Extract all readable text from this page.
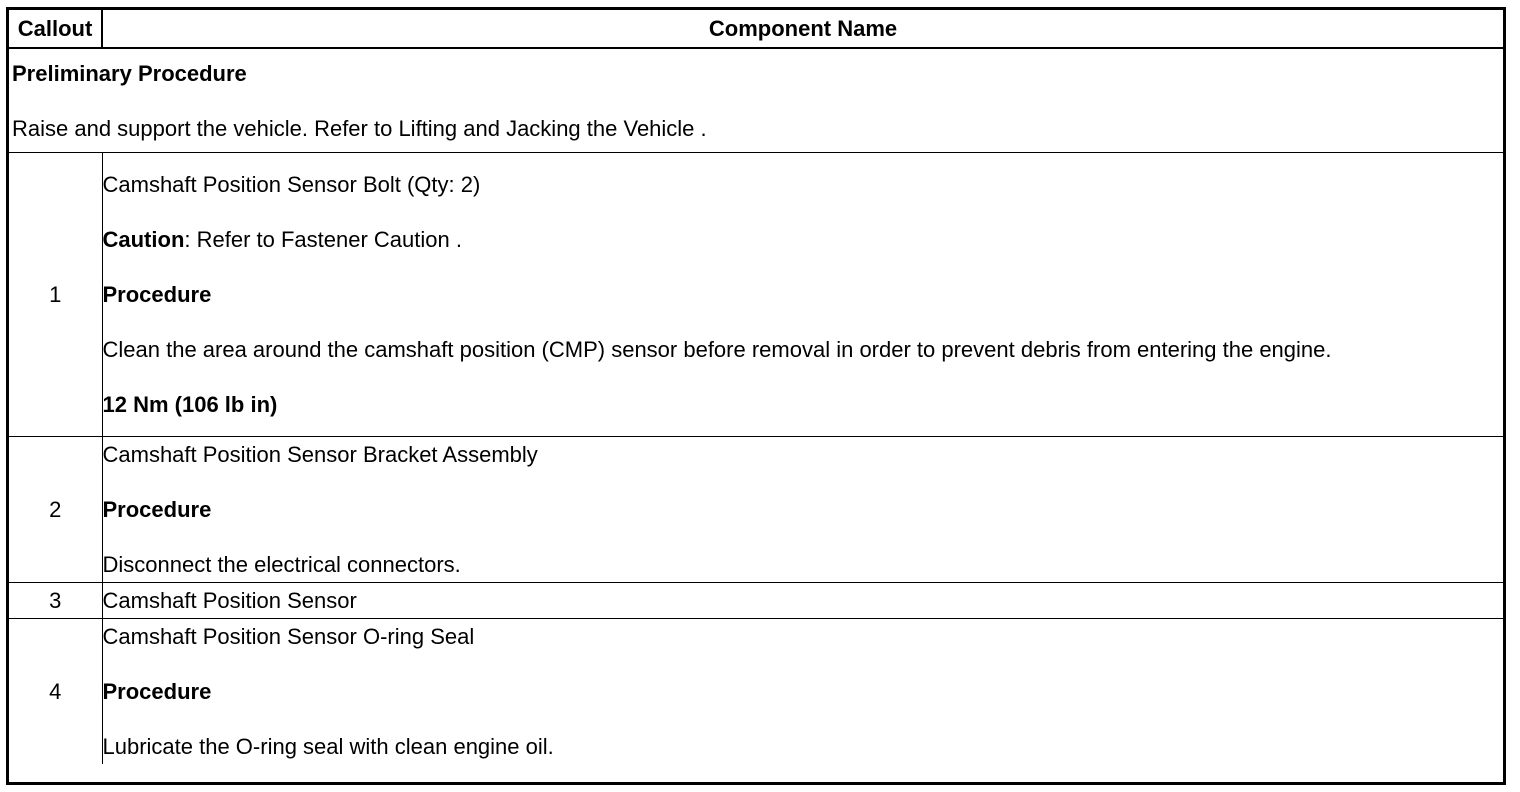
Callout	Component Name

Preliminary Procedure

Raise and support the vehicle. Refer to Lifting and Jacking the Vehicle .	

1	Camshaft Position Sensor Bolt (Qty: 2)

Caution: Refer to Fastener Caution .

Procedure

Clean the area around the camshaft position (CMP) sensor before removal in order to prevent debris from entering the engine.

12 Nm (106 lb in)

2	Camshaft Position Sensor Bracket Assembly

Procedure

Disconnect the electrical connectors.

3	Camshaft Position Sensor

4	Camshaft Position Sensor O-ring Seal

Procedure

Lubricate the O-ring seal with clean engine oil.
